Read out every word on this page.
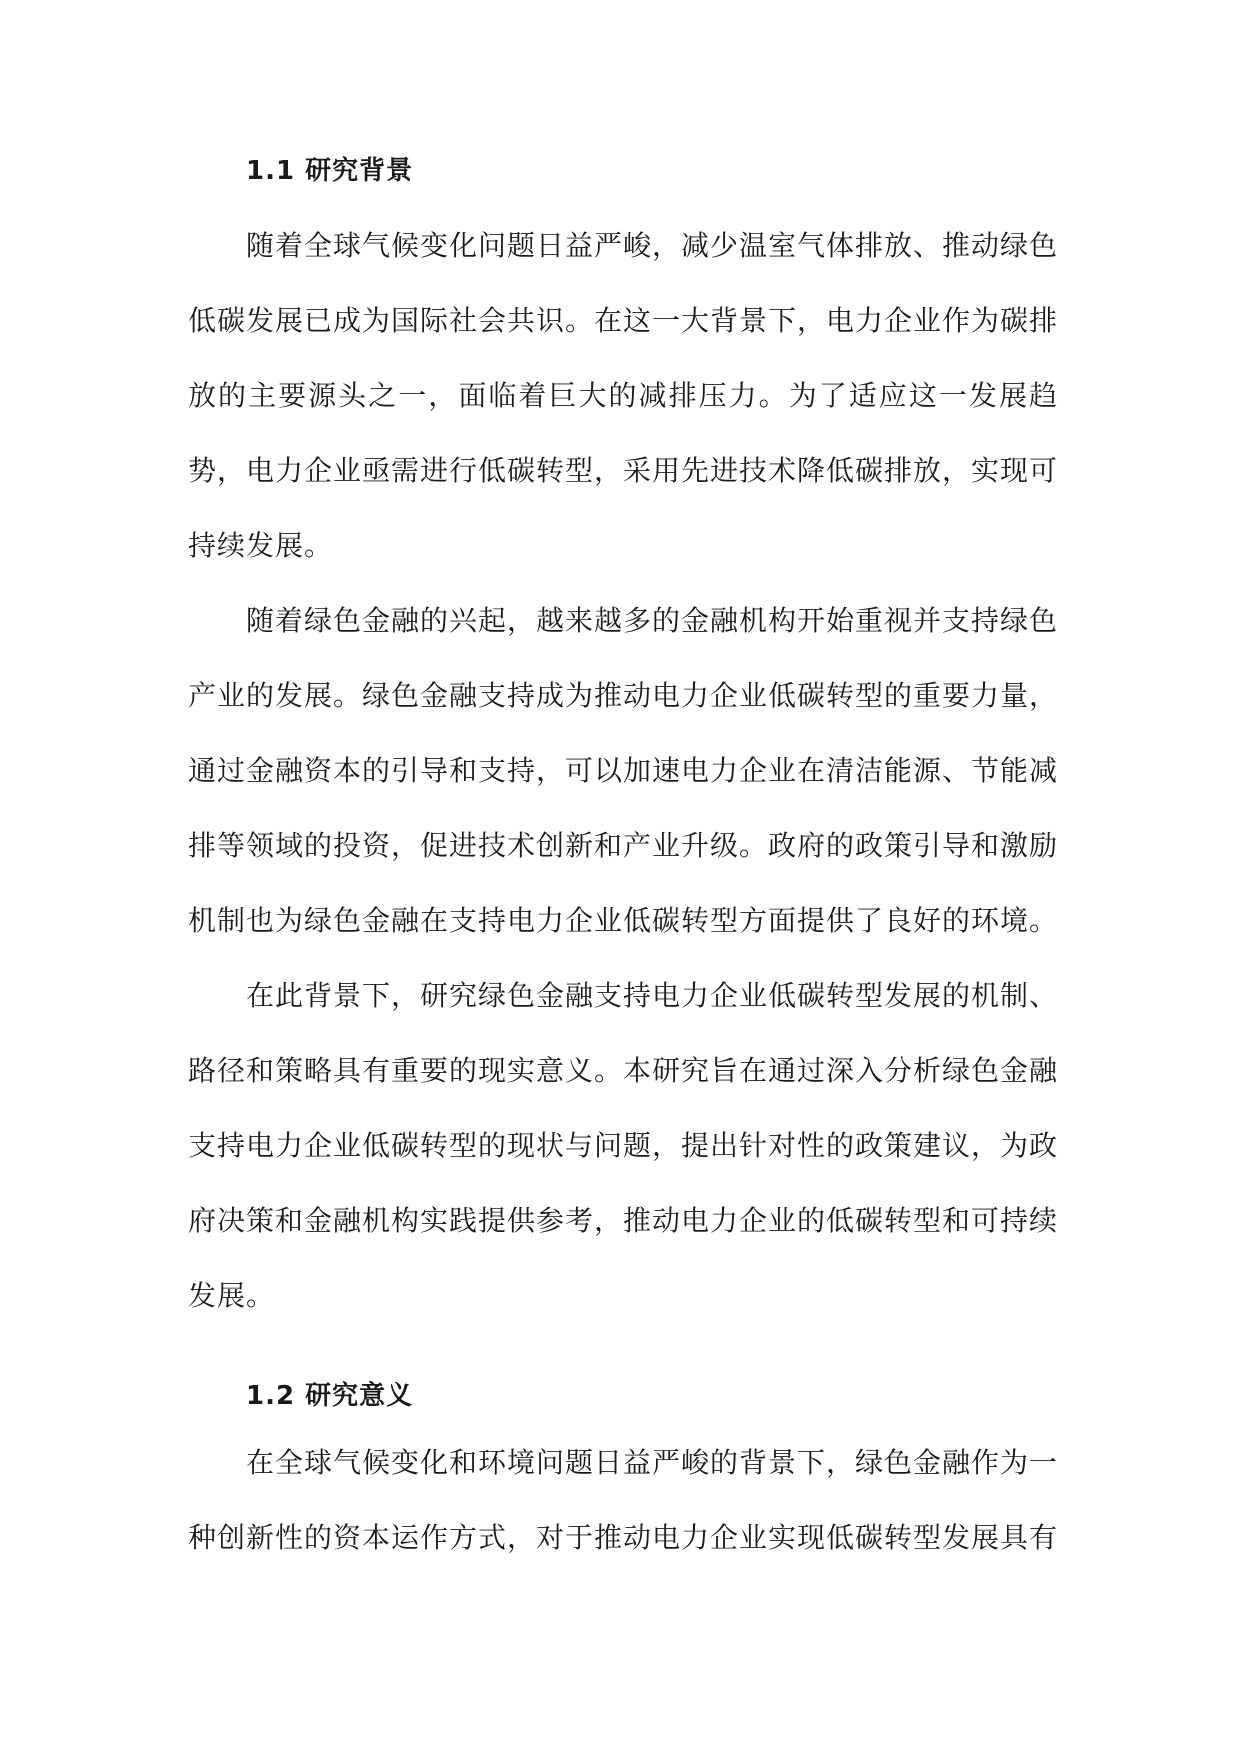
1.1 研究背景

随着全球气候变化问题日益严峻，减少温室气体排放、推动绿色低碳发展已成为国际社会共识。在这一大背景下，电力企业作为碳排放的主要源头之一，面临着巨大的减排压力。为了适应这一发展趋势，电力企业亟需进行低碳转型，采用先进技术降低碳排放，实现可持续发展。

随着绿色金融的兴起，越来越多的金融机构开始重视并支持绿色产业的发展。绿色金融支持成为推动电力企业低碳转型的重要力量，通过金融资本的引导和支持，可以加速电力企业在清洁能源、节能减排等领域的投资，促进技术创新和产业升级。政府的政策引导和激励机制也为绿色金融在支持电力企业低碳转型方面提供了良好的环境。

在此背景下，研究绿色金融支持电力企业低碳转型发展的机制、路径和策略具有重要的现实意义。本研究旨在通过深入分析绿色金融支持电力企业低碳转型的现状与问题，提出针对性的政策建议，为政府决策和金融机构实践提供参考，推动电力企业的低碳转型和可持续发展。

1.2 研究意义

在全球气候变化和环境问题日益严峻的背景下，绿色金融作为一种创新性的资本运作方式，对于推动电力企业实现低碳转型发展具有
